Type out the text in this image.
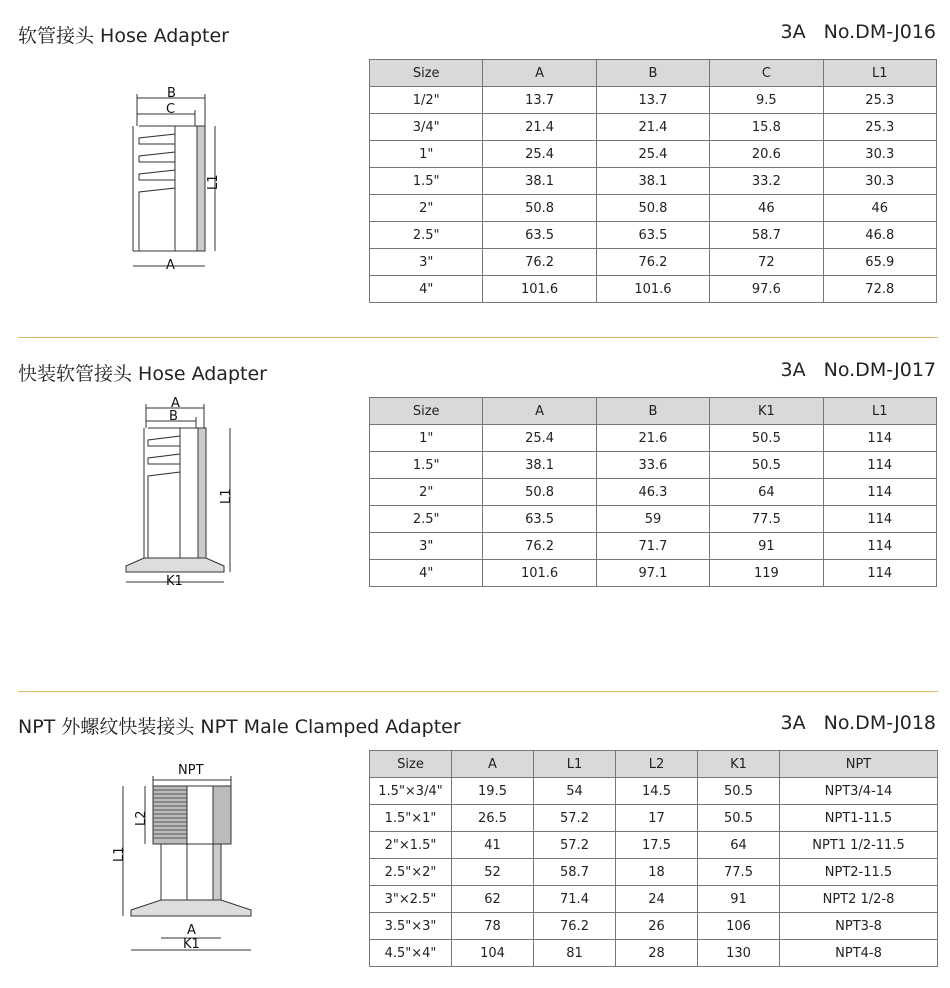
软管接头 Hose Adapter	3A No.DM-J016
B
C
L1
A
Size	A	B	C	L1
1/2"	13.7	13.7	9.5	25.3
3/4"	21.4	21.4	15.8	25.3
1"	25.4	25.4	20.6	30.3
1.5"	38.1	38.1	33.2	30.3
2"	50.8	50.8	46	46
2.5"	63.5	63.5	58.7	46.8
3"	76.2	76.2	72	65.9
4"	101.6	101.6	97.6	72.8
快装软管接头 Hose Adapter	3A No.DM-J017
A
B
L1
K1
Size	A	B	K1	L1
1"	25.4	21.6	50.5	114
1.5"	38.1	33.6	50.5	114
2"	50.8	46.3	64	114
2.5"	63.5	59	77.5	114
3"	76.2	71.7	91	114
4"	101.6	97.1	119	114
NPT 外螺纹快装接头 NPT Male Clamped Adapter	3A No.DM-J018
NPT
L2
L1
A
K1
Size	A	L1	L2	K1	NPT
1.5"×3/4"	19.5	54	14.5	50.5	NPT3/4-14
1.5"×1"	26.5	57.2	17	50.5	NPT1-11.5
2"×1.5"	41	57.2	17.5	64	NPT1 1/2-11.5
2.5"×2"	52	58.7	18	77.5	NPT2-11.5
3"×2.5"	62	71.4	24	91	NPT2 1/2-8
3.5"×3"	78	76.2	26	106	NPT3-8
4.5"×4"	104	81	28	130	NPT4-8
